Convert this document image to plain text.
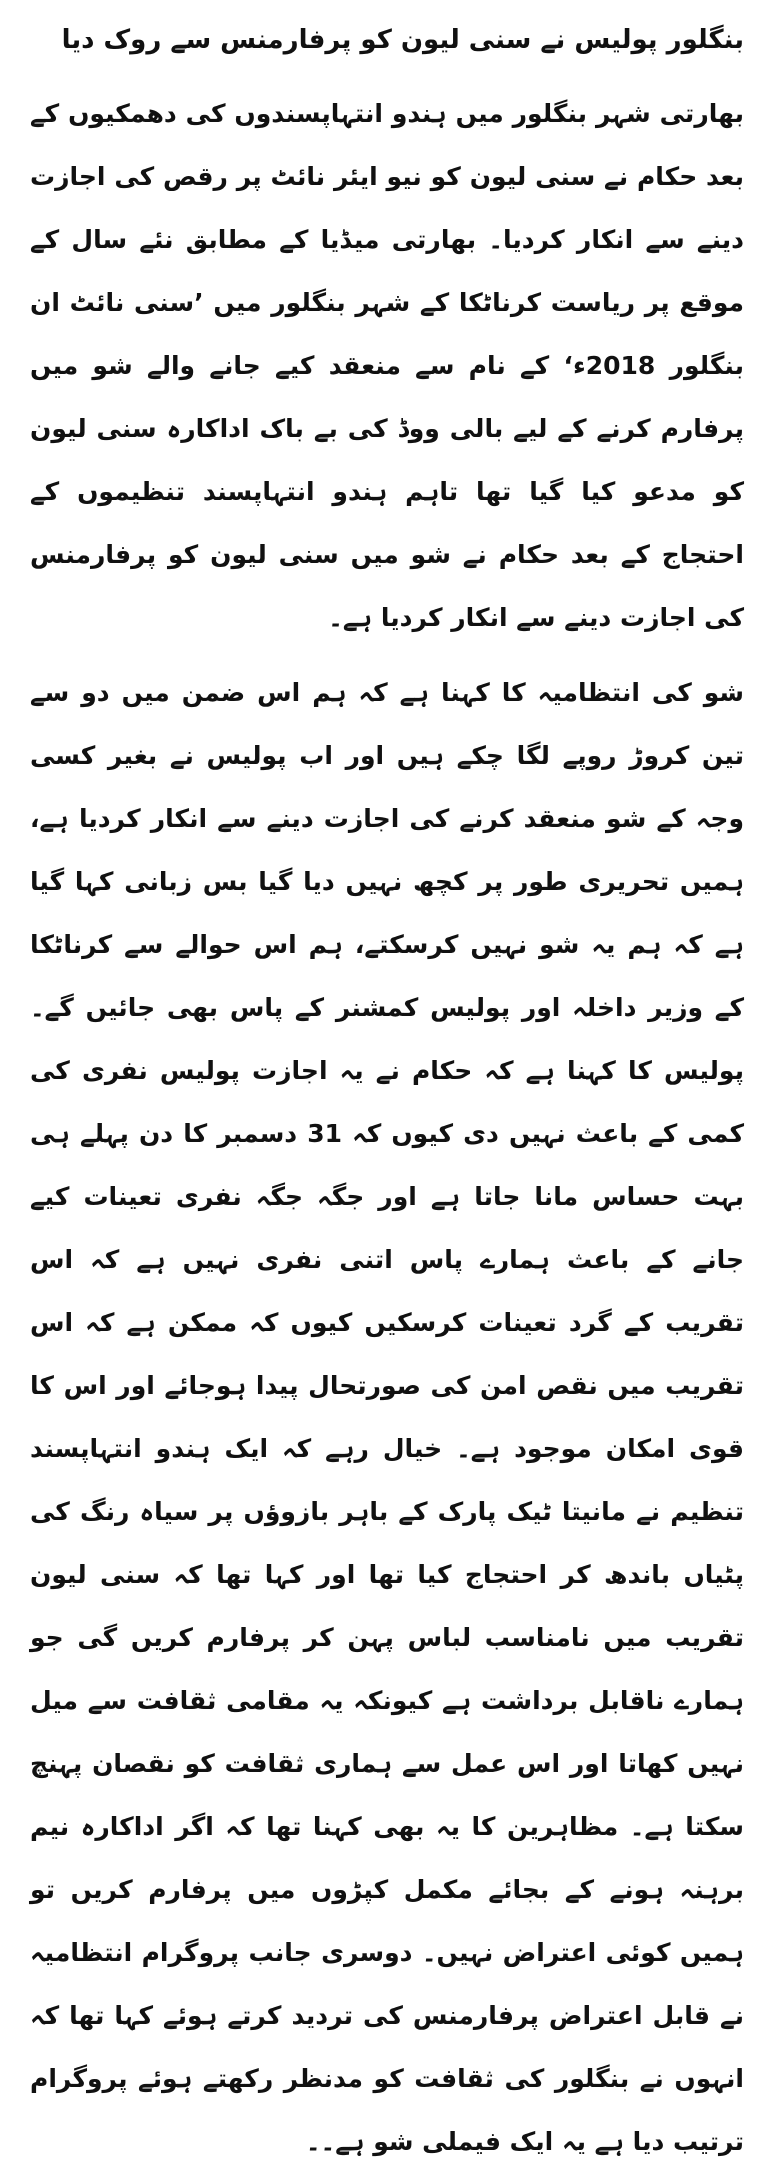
بنگلور پولیس نے سنی لیون کو پرفارمنس سے روک دیا

بھارتی شہر بنگلور میں ہندو انتہاپسندوں کی دھمکیوں کے بعد حکام نے سنی لیون کو نیو ایئر نائٹ پر رقص کی اجازت دینے سے انکار کردیا۔ بھارتی میڈیا کے مطابق نئے سال کے موقع پر ریاست کرناٹکا کے شہر بنگلور میں ’سنی نائٹ ان بنگلور 2018ء‘ کے نام سے منعقد کیے جانے والے شو میں پرفارم کرنے کے لیے بالی ووڈ کی بے باک اداکارہ سنی لیون کو مدعو کیا گیا تھا تاہم ہندو انتہاپسند تنظیموں کے احتجاج کے بعد حکام نے شو میں سنی لیون کو پرفارمنس کی اجازت دینے سے انکار کردیا ہے۔

شو کی انتظامیہ کا کہنا ہے کہ ہم اس ضمن میں دو سے تین کروڑ روپے لگا چکے ہیں اور اب پولیس نے بغیر کسی وجہ کے شو منعقد کرنے کی اجازت دینے سے انکار کردیا ہے، ہمیں تحریری طور پر کچھ نہیں دیا گیا بس زبانی کہا گیا ہے کہ ہم یہ شو نہیں کرسکتے، ہم اس حوالے سے کرناٹکا کے وزیر داخلہ اور پولیس کمشنر کے پاس بھی جائیں گے۔ پولیس کا کہنا ہے کہ حکام نے یہ اجازت پولیس نفری کی کمی کے باعث نہیں دی کیوں کہ 31 دسمبر کا دن پہلے ہی بہت حساس مانا جاتا ہے اور جگہ جگہ نفری تعینات کیے جانے کے باعث ہمارے پاس اتنی نفری نہیں ہے کہ اس تقریب کے گرد تعینات کرسکیں کیوں کہ ممکن ہے کہ اس تقریب میں نقص امن کی صورتحال پیدا ہوجائے اور اس کا قوی امکان موجود ہے۔ خیال رہے کہ ایک ہندو انتہاپسند تنظیم نے مانیتا ٹیک پارک کے باہر بازوؤں پر سیاہ رنگ کی پٹیاں باندھ کر احتجاج کیا تھا اور کہا تھا کہ سنی لیون تقریب میں نامناسب لباس پہن کر پرفارم کریں گی جو ہمارے ناقابل برداشت ہے کیونکہ یہ مقامی ثقافت سے میل نہیں کھاتا اور اس عمل سے ہماری ثقافت کو نقصان پہنچ سکتا ہے۔ مظاہرین کا یہ بھی کہنا تھا کہ اگر اداکارہ نیم برہنہ ہونے کے بجائے مکمل کپڑوں میں پرفارم کریں تو ہمیں کوئی اعتراض نہیں۔ دوسری جانب پروگرام انتظامیہ نے قابل اعتراض پرفارمنس کی تردید کرتے ہوئے کہا تھا کہ انہوں نے بنگلور کی ثقافت کو مدنظر رکھتے ہوئے پروگرام ترتیب دیا ہے یہ ایک فیملی شو ہے۔۔
